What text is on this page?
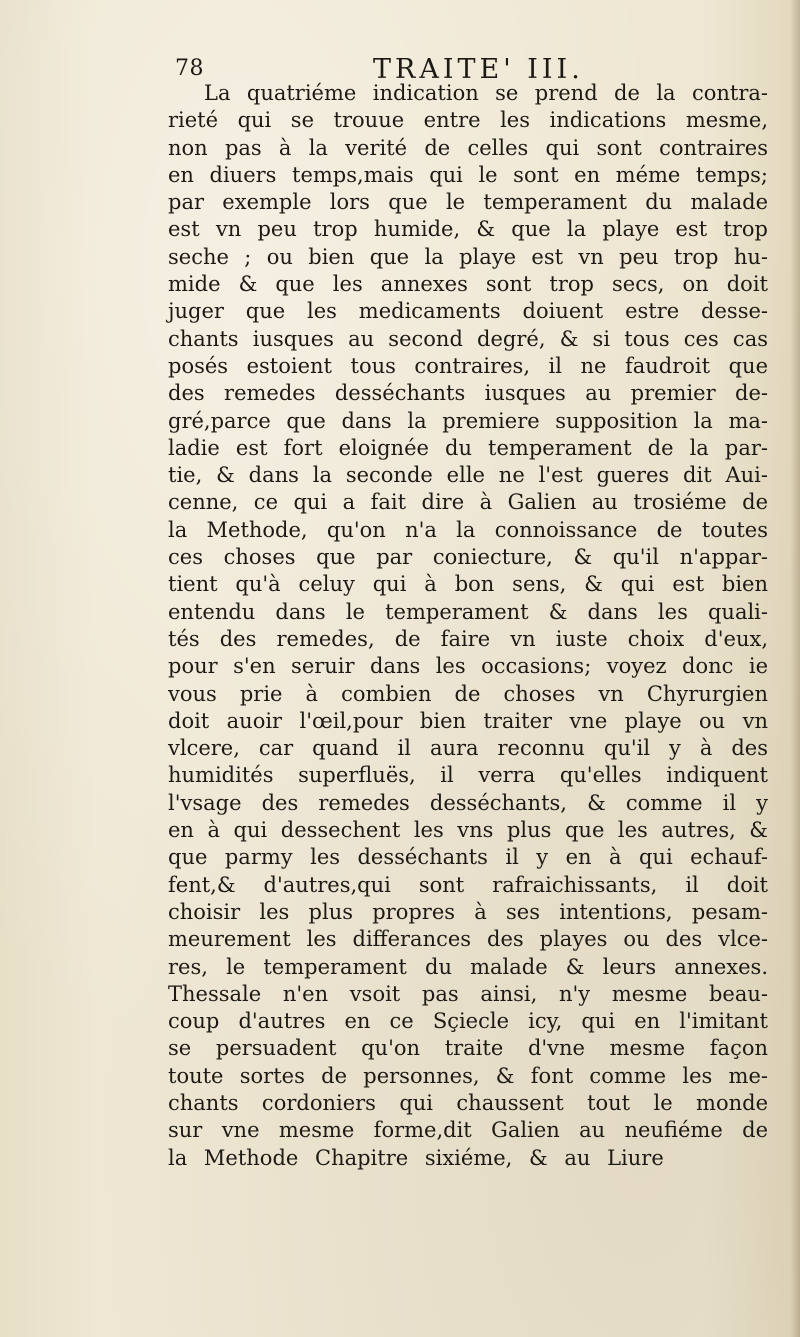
78	TRAITE' III.
La quatriéme indication se prend de la contra-
rieté qui se trouue entre les indications mesme,
non pas à la verité de celles qui sont contraires
en diuers temps,mais qui le sont en méme temps;
par exemple lors que le temperament du malade
est vn peu trop humide, & que la playe est trop
seche ; ou bien que la playe est vn peu trop hu-
mide & que les annexes sont trop secs, on doit
juger que les medicaments doiuent estre desse-
chants iusques au second degré, & si tous ces cas
posés estoient tous contraires, il ne faudroit que
des remedes desséchants iusques au premier de-
gré,parce que dans la premiere supposition la ma-
ladie est fort eloignée du temperament de la par-
tie, & dans la seconde elle ne l'est gueres dit Aui-
cenne, ce qui a fait dire à Galien au trosiéme de
la Methode, qu'on n'a la connoissance de toutes
ces choses que par coniecture, & qu'il n'appar-
tient qu'à celuy qui à bon sens, & qui est bien
entendu dans le temperament & dans les quali-
tés des remedes, de faire vn iuste choix d'eux,
pour s'en seruir dans les occasions; voyez donc ie
vous prie à combien de choses vn Chyrurgien
doit auoir l'œil,pour bien traiter vne playe ou vn
vlcere, car quand il aura reconnu qu'il y à des
humidités superfluës, il verra qu'elles indiquent
l'vsage des remedes desséchants, & comme il y
en à qui dessechent les vns plus que les autres, &
que parmy les desséchants il y en à qui echauf-
fent,& d'autres,qui sont rafraichissants, il doit
choisir les plus propres à ses intentions, pesam-
meurement les differances des playes ou des vlce-
res, le temperament du malade & leurs annexes.
Thessale n'en vsoit pas ainsi, n'y mesme beau-
coup d'autres en ce Sçiecle icy, qui en l'imitant
se persuadent qu'on traite d'vne mesme façon
toute sortes de personnes, & font comme les me-
chants cordoniers qui chaussent tout le monde
sur vne mesme forme,dit Galien au neufiéme de
la Methode Chapitre sixiéme, & au Liure
